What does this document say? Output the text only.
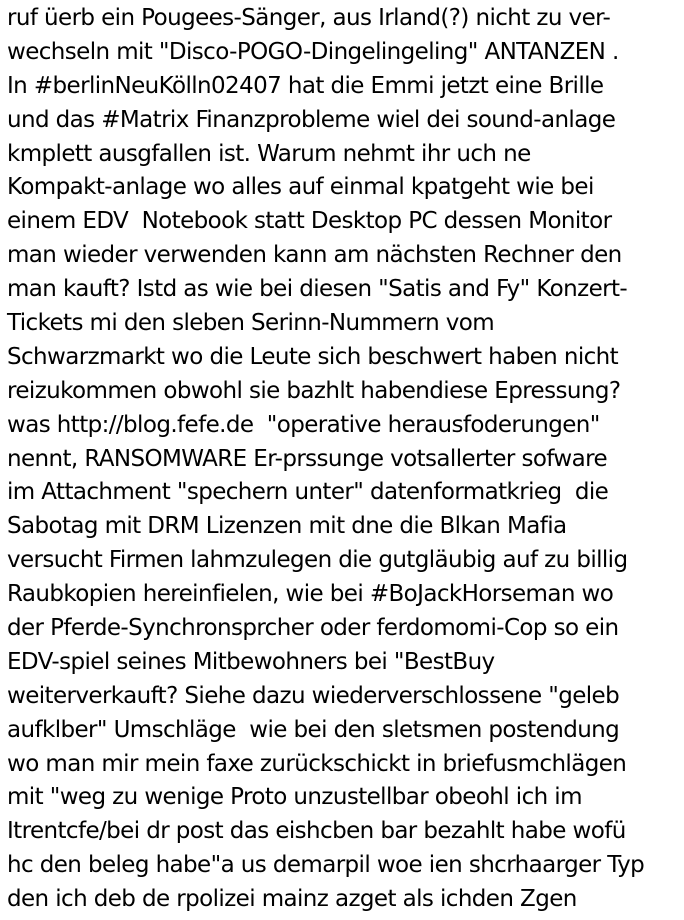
ruf üerb ein Pougees-Sänger, aus Irland(?) nicht zu ver-
wechseln mit "Disco-POGO-Dingelingeling" ANTANZEN .
In #berlinNeuKölln02407 hat die Emmi jetzt eine Brille
und das #Matrix Finanzprobleme wiel dei sound-anlage
kmplett ausgfallen ist. Warum nehmt ihr uch ne
Kompakt-anlage wo alles auf einmal kpatgeht wie bei
einem EDV  Notebook statt Desktop PC dessen Monitor
man wieder verwenden kann am nächsten Rechner den
man kauft? Istd as wie bei diesen "Satis and Fy" Konzert-
Tickets mi den sleben Serinn-Nummern vom
Schwarzmarkt wo die Leute sich beschwert haben nicht
reizukommen obwohl sie bazhlt habendiese Epressung?
was http://blog.fefe.de  "operative herausfoderungen"
nennt, RANSOMWARE Er-prssunge votsallerter sofware
im Attachment "spechern unter" datenformatkrieg  die
Sabotag mit DRM Lizenzen mit dne die Blkan Mafia
versucht Firmen lahmzulegen die gutgläubig auf zu billig
Raubkopien hereinfielen, wie bei #BoJackHorseman wo
der Pferde-Synchronsprcher oder ferdomomi-Cop so ein
EDV-spiel seines Mitbewohners bei "BestBuy
weiterverkauft? Siehe dazu wiederverschlossene "geleb
aufklber" Umschläge  wie bei den sletsmen postendung
wo man mir mein faxe zurückschickt in briefusmchlägen
mit "weg zu wenige Proto unzustellbar obeohl ich im
Itrentcfe/bei dr post das eishcben bar bezahlt habe wofü
hc den beleg habe"a us demarpil woe ien shcrhaarger Typ
den ich deb de rpolizei mainz azget als ichden Zgen
